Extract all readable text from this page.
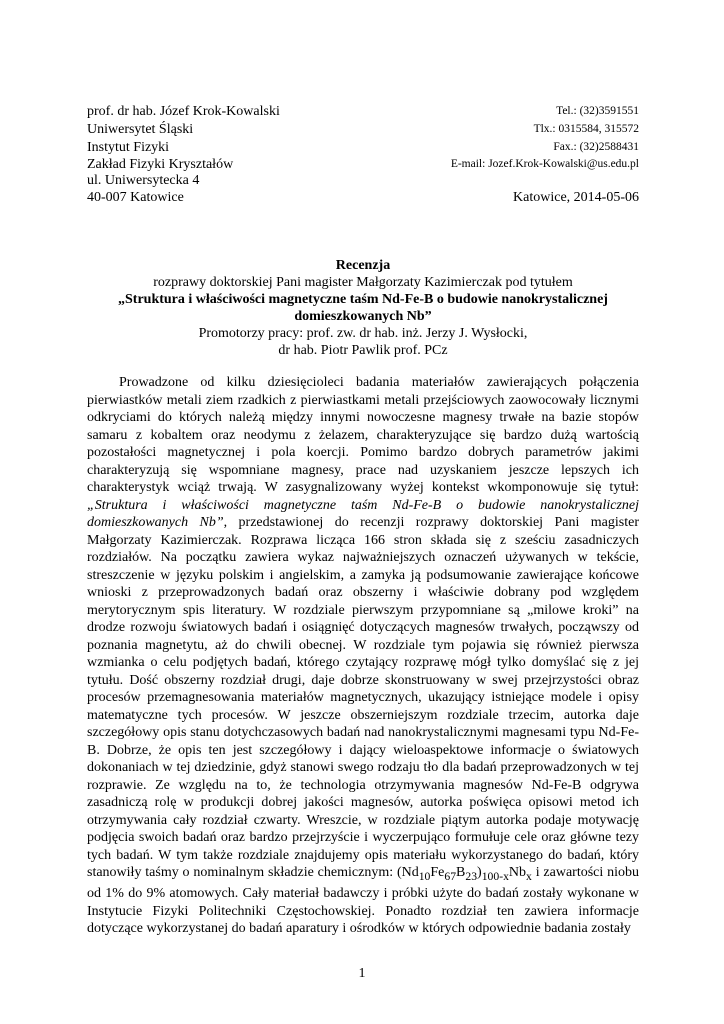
prof. dr hab. Józef Krok-Kowalski	Tel.: (32)3591551
Uniwersytet Śląski	Tlx.: 0315584, 315572
Instytut Fizyki	Fax.: (32)2588431
Zakład Fizyki Kryształów	E-mail: Jozef.Krok-Kowalski@us.edu.pl
ul. Uniwersytecka 4
40-007 Katowice	Katowice, 2014-05-06
Recenzja
rozprawy doktorskiej Pani magister Małgorzaty Kazimierczak pod tytułem
„Struktura i właściwości magnetyczne taśm Nd-Fe-B o budowie nanokrystalicznej domieszkowanych Nb”
Promotorzy pracy: prof. zw. dr hab. inż. Jerzy J. Wysłocki,
dr hab. Piotr Pawlik prof. PCz

Prowadzone od kilku dziesięcioleci badania materiałów zawierających połączenia pierwiastków metali ziem rzadkich z pierwiastkami metali przejściowych zaowocowały licznymi odkryciami do których należą między innymi nowoczesne magnesy trwałe na bazie stopów samaru z kobaltem oraz neodymu z żelazem, charakteryzujące się bardzo dużą wartością pozostałości magnetycznej i pola koercji. Pomimo bardzo dobrych parametrów jakimi charakteryzują się wspomniane magnesy, prace nad uzyskaniem jeszcze lepszych ich charakterystyk wciąż trwają. W zasygnalizowany wyżej kontekst wkomponowuje się tytuł: „Struktura i właściwości magnetyczne taśm Nd-Fe-B o budowie nanokrystalicznej domieszkowanych Nb”, przedstawionej do recenzji rozprawy doktorskiej Pani magister Małgorzaty Kazimierczak. Rozprawa licząca 166 stron składa się z sześciu zasadniczych rozdziałów. Na początku zawiera wykaz najważniejszych oznaczeń używanych w tekście, streszczenie w języku polskim i angielskim, a zamyka ją podsumowanie zawierające końcowe wnioski z przeprowadzonych badań oraz obszerny i właściwie dobrany pod względem merytorycznym spis literatury. W rozdziale pierwszym przypomniane są „milowe kroki” na drodze rozwoju światowych badań i osiągnięć dotyczących magnesów trwałych, począwszy od poznania magnetytu, aż do chwili obecnej. W rozdziale tym pojawia się również pierwsza wzmianka o celu podjętych badań, którego czytający rozprawę mógł tylko domyślać się z jej tytułu. Dość obszerny rozdział drugi, daje dobrze skonstruowany w swej przejrzystości obraz procesów przemagnesowania materiałów magnetycznych, ukazujący istniejące modele i opisy matematyczne tych procesów. W jeszcze obszerniejszym rozdziale trzecim, autorka daje szczegółowy opis stanu dotychczasowych badań nad nanokrystalicznymi magnesami typu Nd-Fe-B. Dobrze, że opis ten jest szczegółowy i dający wieloaspektowe informacje o światowych dokonaniach w tej dziedzinie, gdyż stanowi swego rodzaju tło dla badań przeprowadzonych w tej rozprawie. Ze względu na to, że technologia otrzymywania magnesów Nd-Fe-B odgrywa zasadniczą rolę w produkcji dobrej jakości magnesów, autorka poświęca opisowi metod ich otrzymywania cały rozdział czwarty. Wreszcie, w rozdziale piątym autorka podaje motywację podjęcia swoich badań oraz bardzo przejrzyście i wyczerpująco formułuje cele oraz główne tezy tych badań. W tym także rozdziale znajdujemy opis materiału wykorzystanego do badań, który stanowiły taśmy o nominalnym składzie chemicznym: $(Nd_{10}Fe_{67}B_{23})_{100-x}Nb_x$ i zawartości niobu od 1% do 9% atomowych. Cały materiał badawczy i próbki użyte do badań zostały wykonane w Instytucie Fizyki Politechniki Częstochowskiej. Ponadto rozdział ten zawiera informacje dotyczące wykorzystanej do badań aparatury i ośrodków w których odpowiednie badania zostały

1
